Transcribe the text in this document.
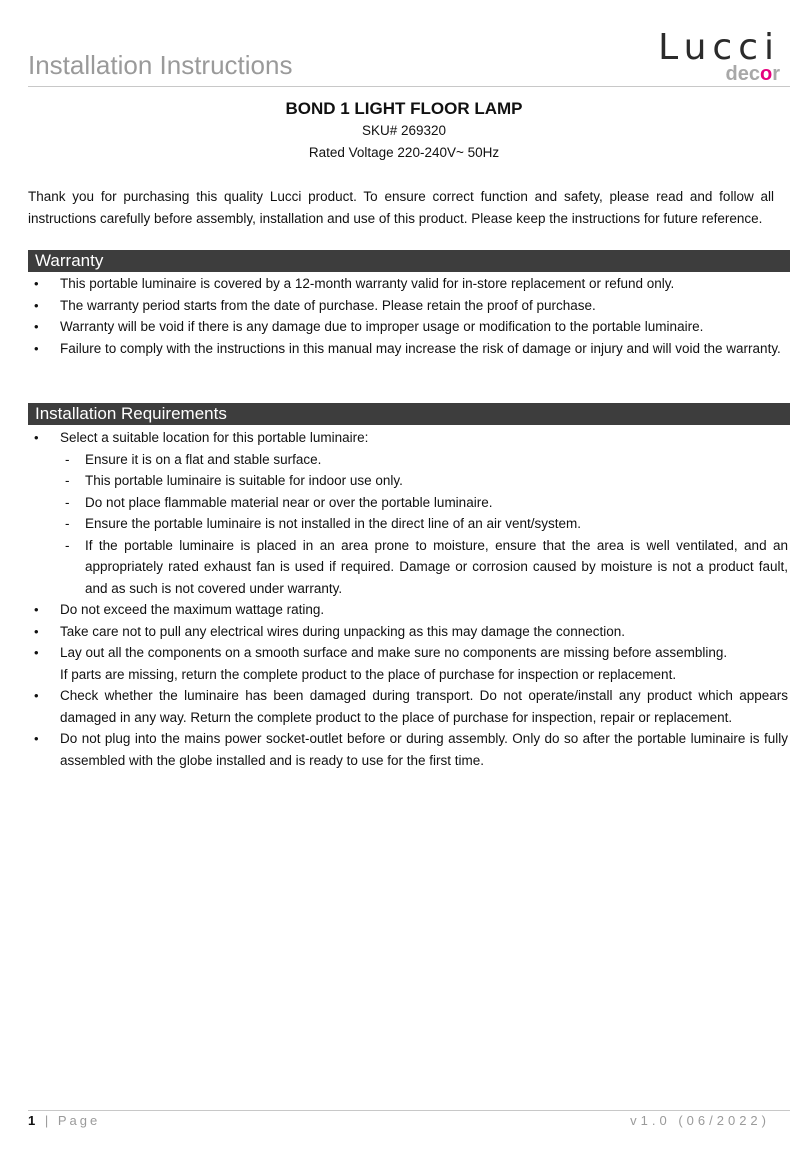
Installation Instructions	Lucci
decor
BOND 1 LIGHT FLOOR LAMP
SKU# 269320
Rated Voltage 220-240V~ 50Hz
Thank you for purchasing this quality Lucci product. To ensure correct function and safety, please read and follow all instructions carefully before assembly, installation and use of this product. Please keep the instructions for future reference.
Warranty
• This portable luminaire is covered by a 12-month warranty valid for in-store replacement or refund only.
• The warranty period starts from the date of purchase. Please retain the proof of purchase.
• Warranty will be void if there is any damage due to improper usage or modification to the portable luminaire.
• Failure to comply with the instructions in this manual may increase the risk of damage or injury and will void the warranty.
Installation Requirements
• Select a suitable location for this portable luminaire:
- Ensure it is on a flat and stable surface.
- This portable luminaire is suitable for indoor use only.
- Do not place flammable material near or over the portable luminaire.
- Ensure the portable luminaire is not installed in the direct line of an air vent/system.
- If the portable luminaire is placed in an area prone to moisture, ensure that the area is well ventilated, and an appropriately rated exhaust fan is used if required. Damage or corrosion caused by moisture is not a product fault, and as such is not covered under warranty.
• Do not exceed the maximum wattage rating.
• Take care not to pull any electrical wires during unpacking as this may damage the connection.
• Lay out all the components on a smooth surface and make sure no components are missing before assembling.
If parts are missing, return the complete product to the place of purchase for inspection or replacement.
• Check whether the luminaire has been damaged during transport. Do not operate/install any product which appears damaged in any way. Return the complete product to the place of purchase for inspection, repair or replacement.
• Do not plug into the mains power socket-outlet before or during assembly. Only do so after the portable luminaire is fully assembled with the globe installed and is ready to use for the first time.
1 | Page	v1.0 (06/2022)
